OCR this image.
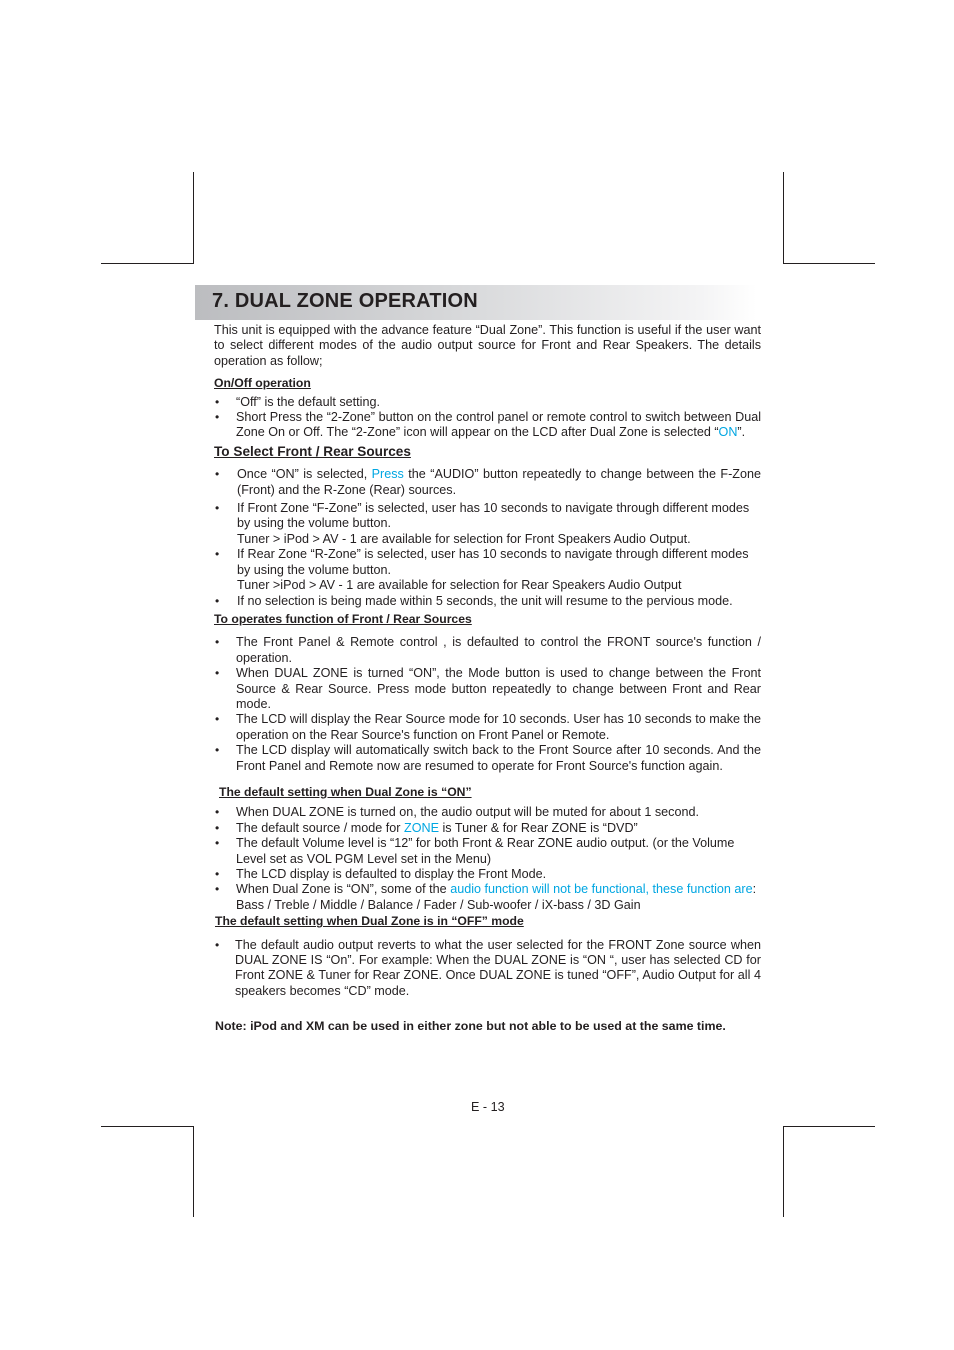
7. DUAL ZONE OPERATION

This unit is equipped with the advance feature “Dual Zone”. This function is useful if the user want to select different modes of the audio output source for Front and Rear Speakers. The details operation as follow;

On/Off operation

• “Off” is the default setting.
• Short Press the “2-Zone” button on the control panel or remote control to switch between Dual Zone On or Off. The “2-Zone” icon will appear on the LCD after Dual Zone is selected “ON”.

To Select Front / Rear Sources

• Once “ON” is selected, Press the “AUDIO” button repeatedly to change between the F-Zone (Front) and the R-Zone (Rear) sources.
• If Front Zone “F-Zone” is selected, user has 10 seconds to navigate through different modes by using the volume button.
Tuner > iPod > AV - 1 are available for selection for Front Speakers Audio Output.
• If Rear Zone “R-Zone” is selected, user has 10 seconds to navigate through different modes by using the volume button.
Tuner >iPod > AV - 1 are available for selection for Rear Speakers Audio Output
• If no selection is being made within 5 seconds, the unit will resume to the pervious mode.

To operates function of Front / Rear Sources

• The Front Panel & Remote control , is defaulted to control the FRONT source's function / operation.
• When DUAL ZONE is turned “ON”, the Mode button is used to change between the Front Source & Rear Source. Press mode button repeatedly to change between Front and Rear mode.
• The LCD will display the Rear Source mode for 10 seconds. User has 10 seconds to make the operation on the Rear Source's function on Front Panel or Remote.
• The LCD display will automatically switch back to the Front Source after 10 seconds. And the Front Panel and Remote now are resumed to operate for Front Source's function again.

The default setting when Dual Zone is “ON”

• When DUAL ZONE is turned on, the audio output will be muted for about 1 second.
• The default source / mode for ZONE is Tuner & for Rear ZONE is “DVD”
• The default Volume level is “12” for both Front & Rear ZONE audio output. (or the Volume Level set as VOL PGM Level set in the Menu)
• The LCD display is defaulted to display the Front Mode.
• When Dual Zone is “ON”, some of the audio function will not be functional, these function are:
Bass / Treble / Middle / Balance / Fader / Sub-woofer / iX-bass / 3D Gain

The default setting when Dual Zone is in “OFF” mode

• The default audio output reverts to what the user selected for the FRONT Zone source when DUAL ZONE IS “On”. For example: When the DUAL ZONE is “ON “, user has selected CD for Front ZONE & Tuner for Rear ZONE. Once DUAL ZONE is tuned “OFF”, Audio Output for all 4 speakers becomes “CD” mode.

Note: iPod and XM can be used in either zone but not able to be used at the same time.

E - 13
